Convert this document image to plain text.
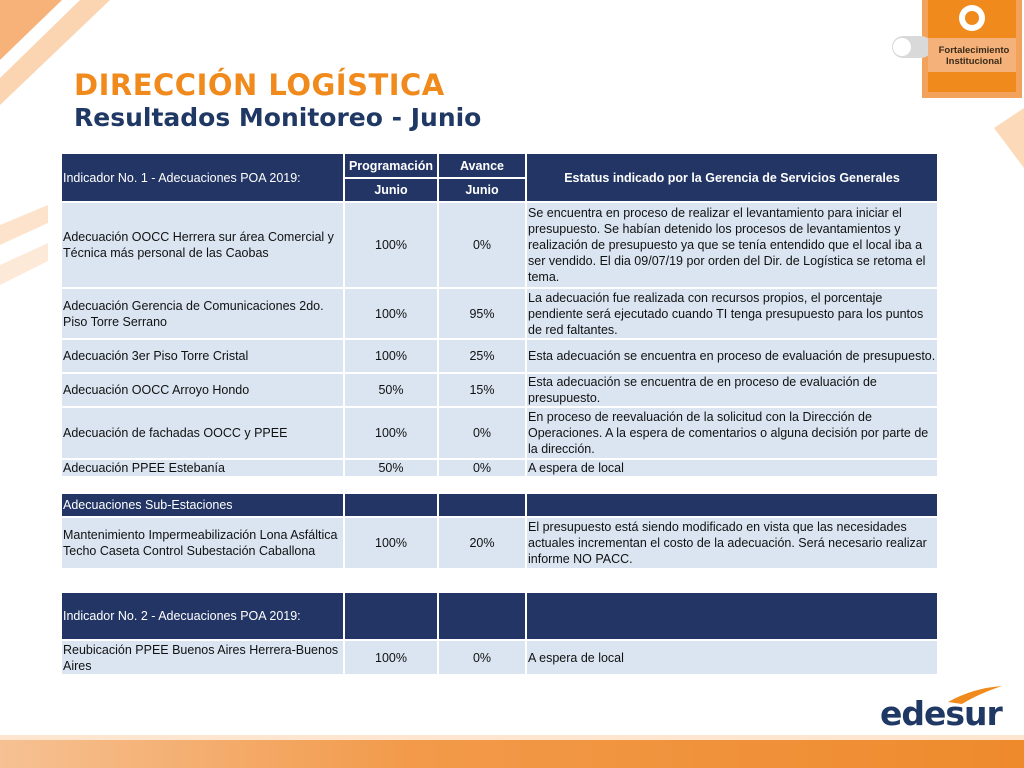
Fortalecimiento
Institucional
DIRECCIÓN LOGÍSTICA
Resultados Monitoreo - Junio
Indicador No. 1 - Adecuaciones POA 2019:	Programación	Avance	Estatus indicado por la Gerencia de Servicios Generales
	Junio	Junio	
Adecuación OOCC Herrera sur área Comercial y Técnica más personal de las Caobas	100%	0%	Se encuentra en proceso de realizar el levantamiento para iniciar el presupuesto. Se habían detenido los procesos de levantamientos y realización de presupuesto ya que se tenía entendido que el local iba a ser vendido. El dia 09/07/19 por orden del Dir. de Logística se retoma el tema.
Adecuación Gerencia de Comunicaciones 2do. Piso Torre Serrano	100%	95%	La adecuación fue realizada con recursos propios, el porcentaje pendiente será ejecutado cuando TI tenga presupuesto para los puntos de red faltantes.
Adecuación 3er Piso Torre Cristal	100%	25%	Esta adecuación se encuentra en proceso de evaluación de presupuesto.
Adecuación OOCC Arroyo Hondo	50%	15%	Esta adecuación se encuentra de en proceso de evaluación de presupuesto.
Adecuación de fachadas OOCC y PPEE	100%	0%	En proceso de reevaluación de la solicitud con la Dirección de Operaciones. A la espera de comentarios o alguna decisión por parte de la dirección.
Adecuación PPEE Estebanía	50%	0%	A espera de local
Adecuaciones Sub-Estaciones			
Mantenimiento Impermeabilización Lona Asfáltica Techo Caseta Control Subestación Caballona	100%	20%	El presupuesto está siendo modificado en vista que las necesidades actuales incrementan el costo de la adecuación. Será necesario realizar informe NO PACC.
Indicador No. 2 - Adecuaciones POA 2019:			
Reubicación PPEE Buenos Aires Herrera-Buenos Aires	100%	0%	A espera de local
edesur
